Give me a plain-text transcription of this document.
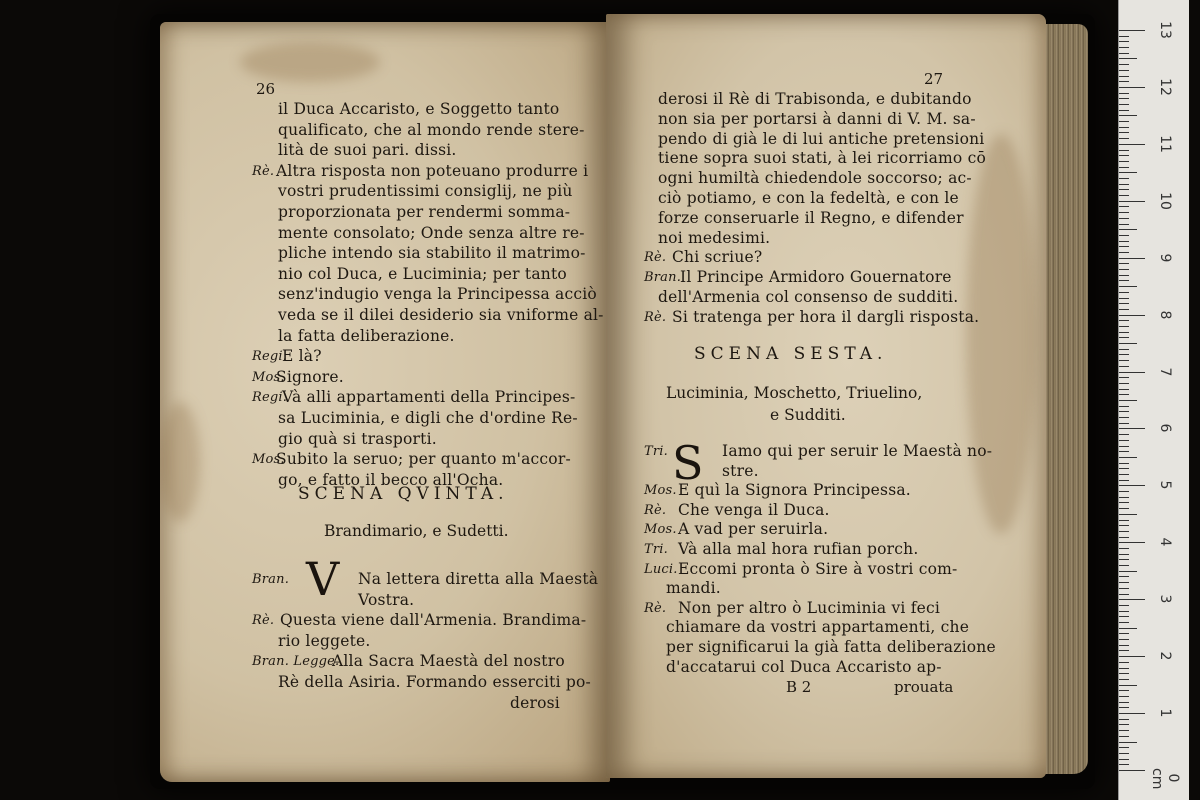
26
il Duca Accaristo, e Soggetto tanto
qualificato, che al mondo rende stere-
lità de suoi pari. dissi.
Rè. Altra risposta non poteuano produrre i
vostri prudentissimi consiglij, ne più
proporzionata per rendermi somma-
mente consolato; Onde senza altre re-
pliche intendo sia stabilito il matrimo-
nio col Duca, e Luciminia; per tanto
senz'indugio venga la Principessa acciò
veda se il dilei desiderio sia vniforme al-
la fatta deliberazione.
Regi.
E là?
Mos.
Signore.
Regi.
Và alli appartamenti della Principes-
sa Luciminia, e digli che d'ordine Re-
gio quà si trasporti.
Mos.
Subito la seruo; per quanto m'accor-
go, e fatto il becco all'Ocha.
SCENA QVINTA.
Brandimario, e Sudetti.
V
Bran.	Na lettera diretta alla Maestà
Vostra.
Rè. Questa viene dall'Armenia. Brandima-
rio leggete.
Bran. Legge.
Alla Sacra Maestà del nostro
Rè della Asiria. Formando esserciti po-
derosi
27
derosi il Rè di Trabisonda, e dubitando
non sia per portarsi à danni di V. M. sa-
pendo di già le di lui antiche pretensioni
tiene sopra suoi stati, à lei ricorriamo cō
ogni humiltà chiedendole soccorso; ac-
ciò potiamo, e con la fedeltà, e con le
forze conseruarle il Regno, e difender
noi medesimi.
Rè. Chi scriue?
Bran.
Il Principe Armidoro Gouernatore
dell'Armenia col consenso de sudditi.
Rè. Si tratenga per hora il dargli risposta.
SCENA SESTA.
Luciminia, Moschetto, Triuelino,
e Sudditi.
S
Tri.	Iamo qui per seruir le Maestà no-
stre.
Mos. E quì la Signora Principessa.
Rè. Che venga il Duca.
Mos. A vad per seruirla.
Tri. Và alla mal hora rufian porch.
Luci. Eccomi pronta ò Sire à vostri com-
mandi.
Rè. Non per altro ò Luciminia vi feci
chiamare da vostri appartamenti, che
per significarui la già fatta deliberazione
d'accatarui col Duca Accaristo ap-
B 2	prouata
13
12
11
10
9
8
7
6
5
4
3
2
1
0 cm
